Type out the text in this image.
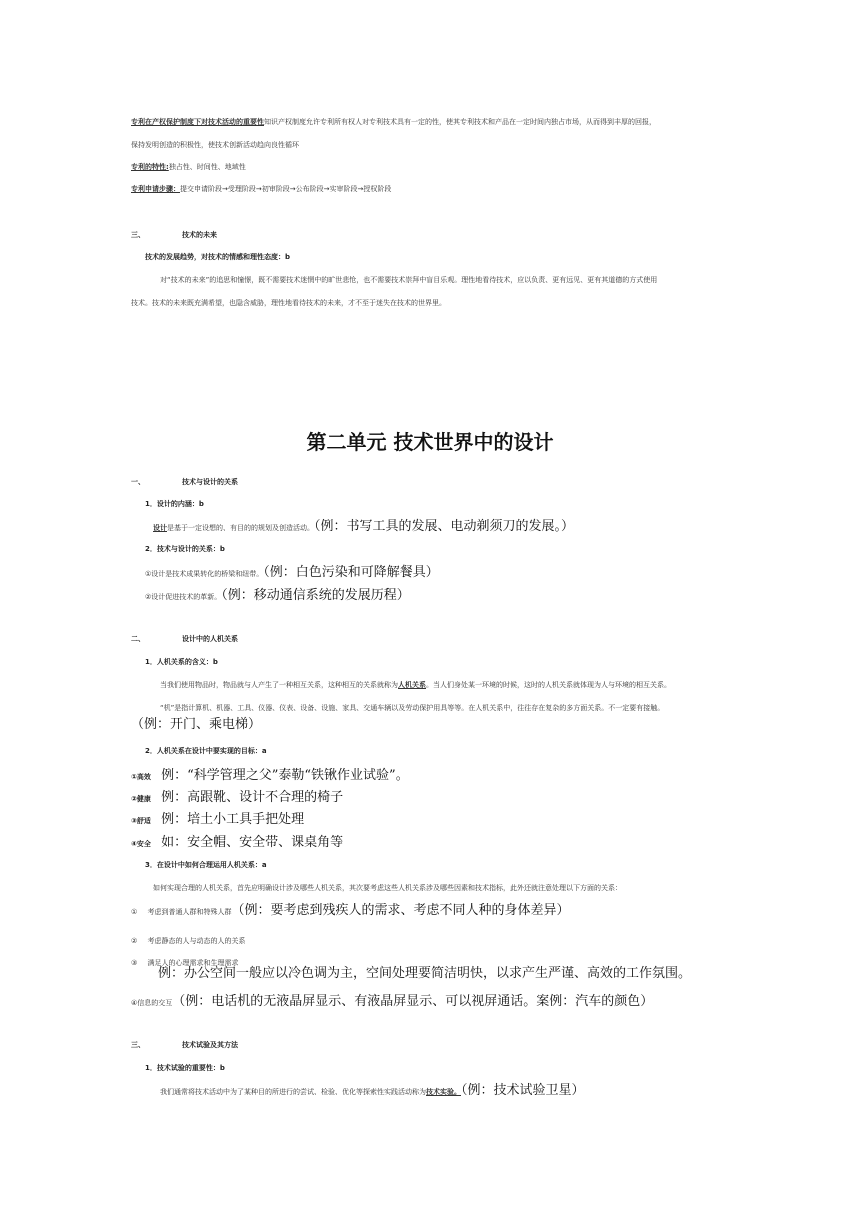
专利在产权保护制度下对技术活动的重要性知识产权制度允许专利所有权人对专利技术具有一定的性，使其专利技术和产品在一定时间内独占市场，从而得到丰厚的回报，
保持发明创造的积极性，使技术创新活动趋向良性循环
专利的特性:独占性、时间性、地域性
专利申请步骤：提交申请阶段→受理阶段→初审阶段→公布阶段→实审阶段→授权阶段
三、	技术的未来
技术的发展趋势，对技术的情感和理性态度：b
对“技术的未来”的追思和憧憬，既不需要技术迷惘中的旷世悲怆，也不需要技术崇拜中盲目乐观。理性地看待技术，应以负责、更有远见、更有其道德的方式使用
技术。技术的未来既充满希望，也隐含威胁，理性地看待技术的未来，才不至于迷失在技术的世界里。
第二单元 技术世界中的设计
一、	技术与设计的关系
1．设计的内涵：b
设计是基于一定设想的、有目的的规划及创造活动。（例：书写工具的发展、电动剃须刀的发展。）
2．技术与设计的关系：b
①设计是技术成果转化的桥梁和纽带。（例：白色污染和可降解餐具）
②设计促进技术的革新。（例：移动通信系统的发展历程）
二、	设计中的人机关系
1．人机关系的含义：b
当我们使用物品时，物品就与人产生了一种相互关系，这种相互的关系就称为人机关系。当人们身处某一环境的时候，这时的人机关系就体现为人与环境的相互关系。
“机”是指计算机、机器、工具、仪器、仪表、设备、设施、家具、交通车辆以及劳动保护用具等等。在人机关系中，往往存在复杂的多方面关系。不一定要有接触。
（例：开门、乘电梯）
2．人机关系在设计中要实现的目标：a
①高效 例：“科学管理之父”泰勒“铁锹作业试验”。
②健康 例：高跟靴、设计不合理的椅子
③舒适 例：培土小工具手把处理
④安全 如：安全帽、安全带、课桌角等
3．在设计中如何合理运用人机关系：a
如何实现合理的人机关系，首先应明确设计涉及哪些人机关系，其次要考虑这些人机关系涉及哪些因素和技术指标，此外还就注意处理以下方面的关系：
① 考虑到普通人群和特殊人群（例：要考虑到残疾人的需求、考虑不同人种的身体差异）
② 考虑静态的人与动态的人的关系
③ 满足人的心理需求和生理需求
例：办公空间一般应以冷色调为主，空间处理要简洁明快，以求产生严谨、高效的工作氛围。
④信息的交互（例：电话机的无液晶屏显示、有液晶屏显示、可以视屏通话。案例：汽车的颜色）
三、	技术试验及其方法
1．技术试验的重要性：b
我们通常将技术活动中为了某种目的所进行的尝试、检验、优化等探索性实践活动称为技术实验。（例：技术试验卫星）
